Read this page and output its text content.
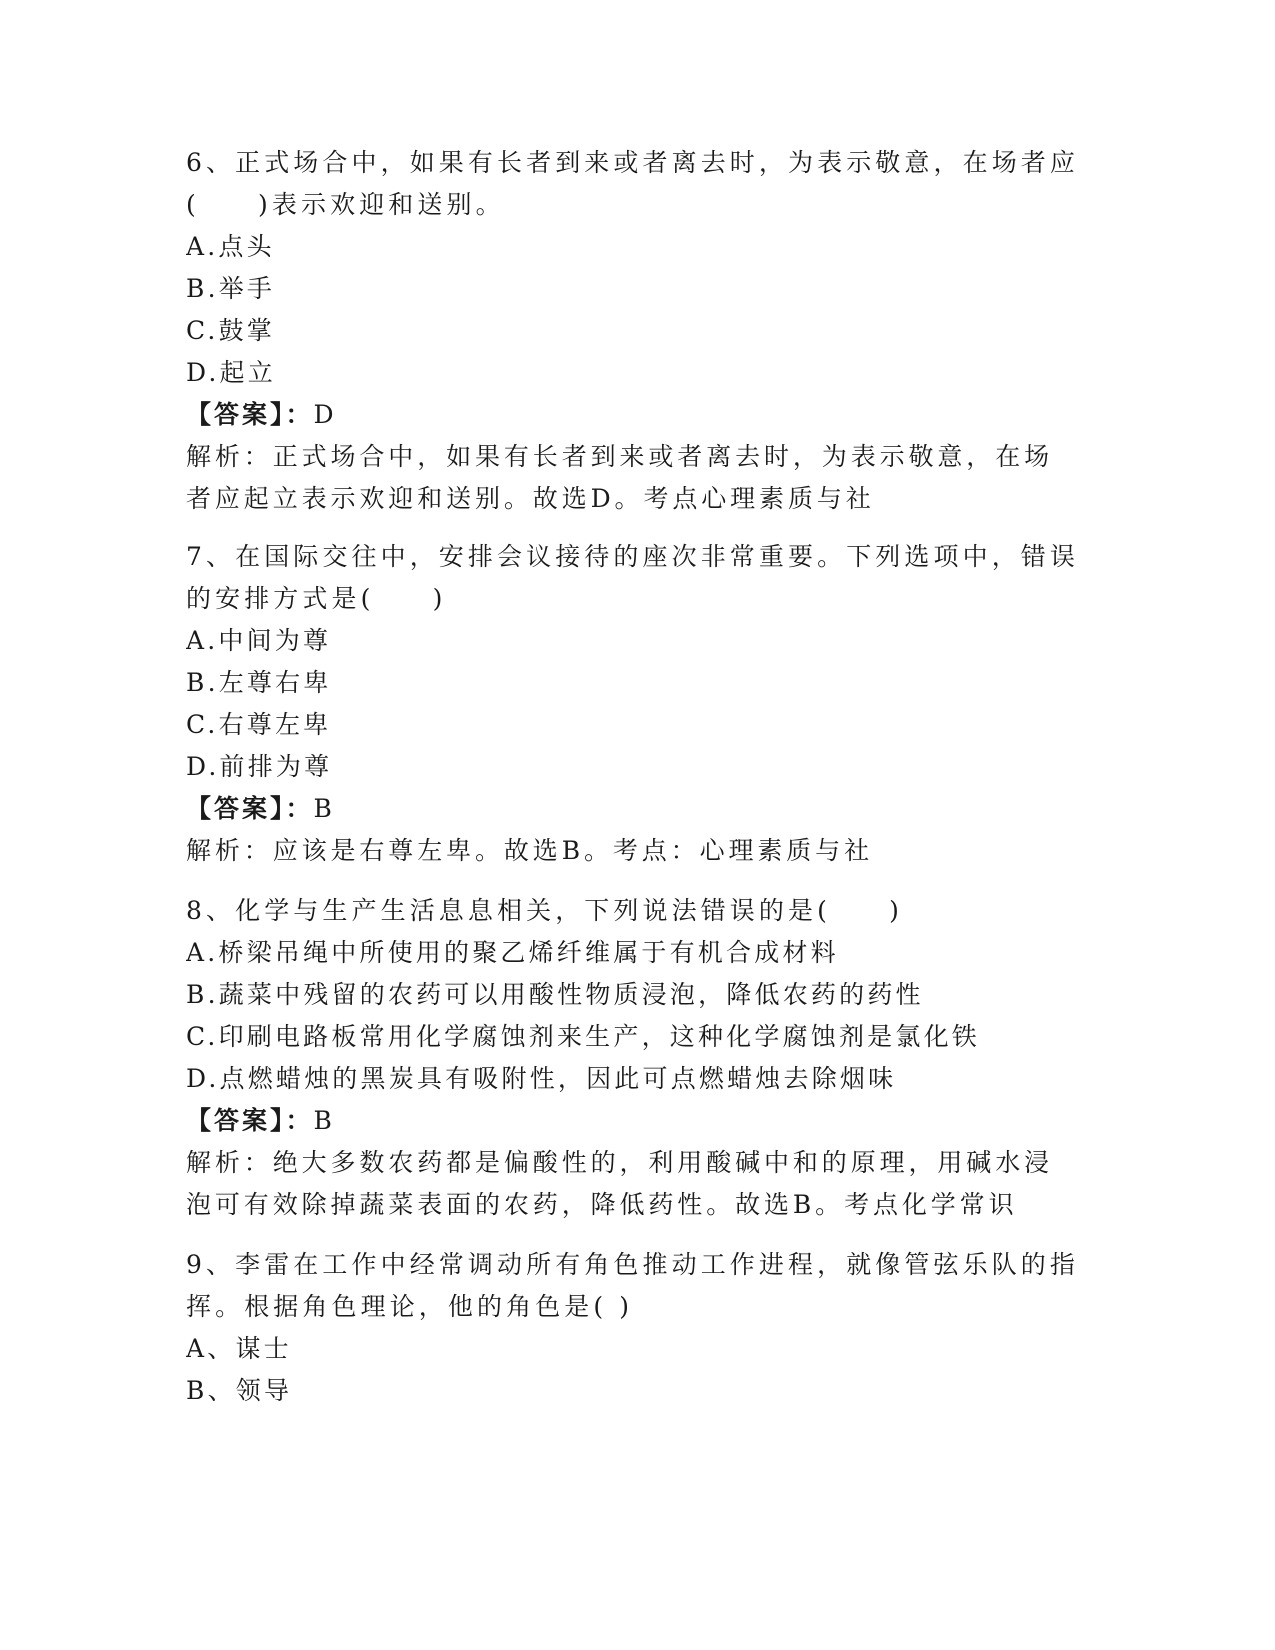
6、正式场合中，如果有长者到来或者离去时，为表示敬意，在场者应
(　　)表示欢迎和送别。
A.点头
B.举手
C.鼓掌
D.起立
【答案】：D
解析：正式场合中，如果有长者到来或者离去时，为表示敬意，在场
者应起立表示欢迎和送别。故选D。考点心理素质与社
7、在国际交往中，安排会议接待的座次非常重要。下列选项中，错误
的安排方式是(　　)
A.中间为尊
B.左尊右卑
C.右尊左卑
D.前排为尊
【答案】：B
解析：应该是右尊左卑。故选B。考点：心理素质与社
8、化学与生产生活息息相关，下列说法错误的是(　　)
A.桥梁吊绳中所使用的聚乙烯纤维属于有机合成材料
B.蔬菜中残留的农药可以用酸性物质浸泡，降低农药的药性
C.印刷电路板常用化学腐蚀剂来生产，这种化学腐蚀剂是氯化铁
D.点燃蜡烛的黑炭具有吸附性，因此可点燃蜡烛去除烟味
【答案】：B
解析：绝大多数农药都是偏酸性的，利用酸碱中和的原理，用碱水浸
泡可有效除掉蔬菜表面的农药，降低药性。故选B。考点化学常识
9、李雷在工作中经常调动所有角色推动工作进程，就像管弦乐队的指
挥。根据角色理论，他的角色是( )
A、谋士
B、领导
